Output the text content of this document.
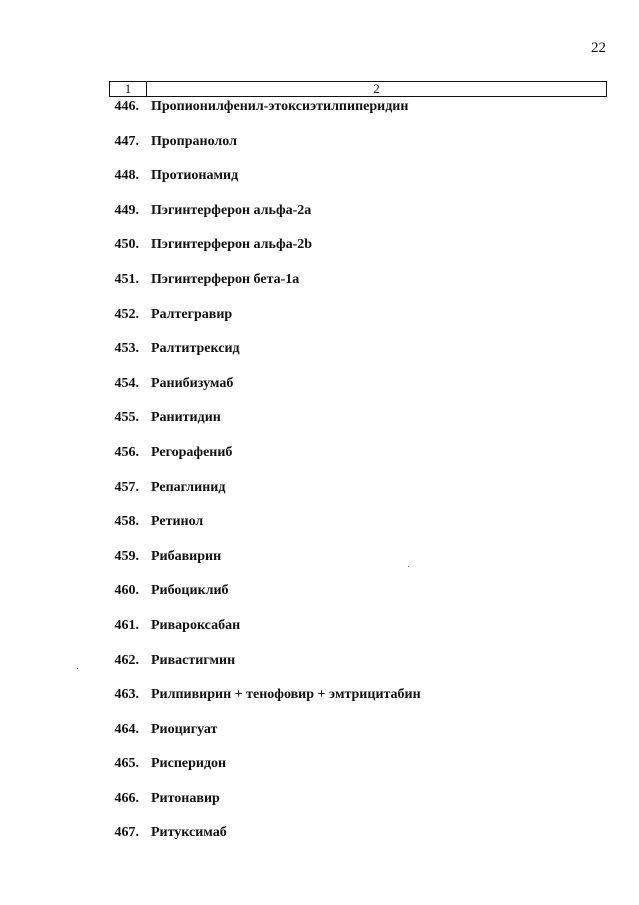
22
1	2
446. Пропионилфенил-этоксиэтилпиперидин
447. Пропранолол
448. Протионамид
449. Пэгинтерферон альфа-2а
450. Пэгинтерферон альфа-2b
451. Пэгинтерферон бета-1а
452. Ралтегравир
453. Ралтитрексид
454. Ранибизумаб
455. Ранитидин
456. Регорафениб
457. Репаглинид
458. Ретинол
459. Рибавирин
460. Рибоциклиб
461. Ривароксабан
462. Ривастигмин
463. Рилпивирин + тенофовир + эмтрицитабин
464. Риоцигуат
465. Рисперидон
466. Ритонавир
467. Ритуксимаб
